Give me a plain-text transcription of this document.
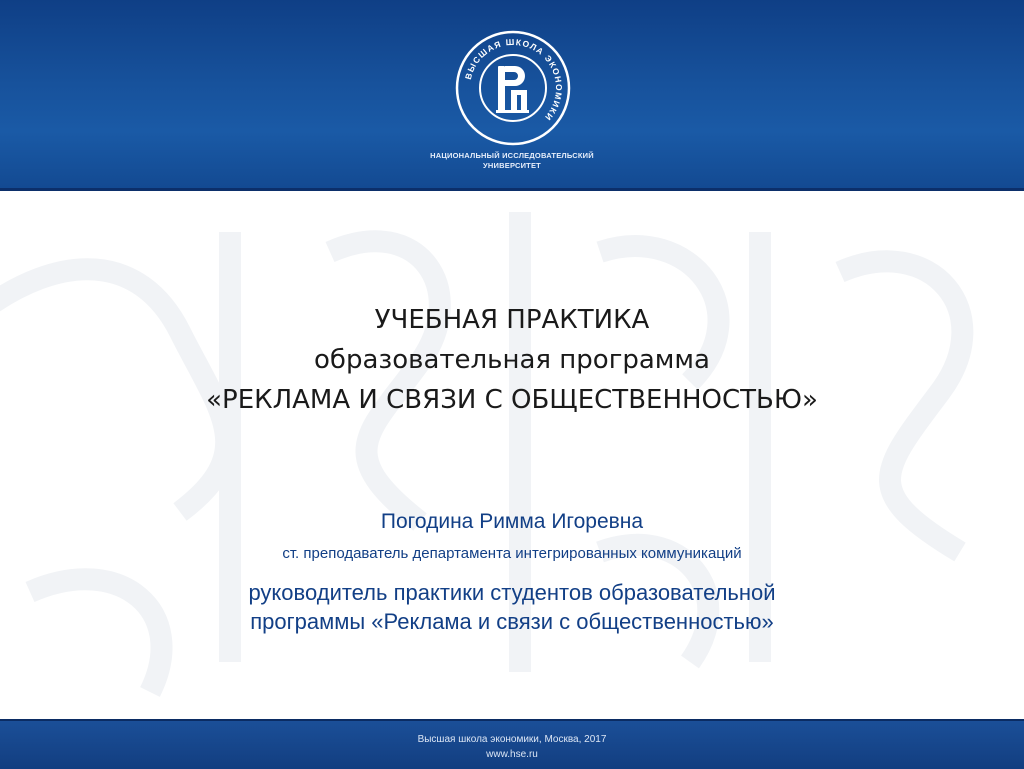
ВЫСШАЯ ШКОЛА ЭКОНОМИКИ
НАЦИОНАЛЬНЫЙ ИССЛЕДОВАТЕЛЬСКИЙ
УНИВЕРСИТЕТ
УЧЕБНАЯ ПРАКТИКА
образовательная программа
«РЕКЛАМА И СВЯЗИ С ОБЩЕСТВЕННОСТЬЮ»
Погодина Римма Игоревна
ст. преподаватель департамента интегрированных коммуникаций
руководитель практики студентов образовательной
программы «Реклама и связи с общественностью»
Высшая школа экономики, Москва, 2017
www.hse.ru
